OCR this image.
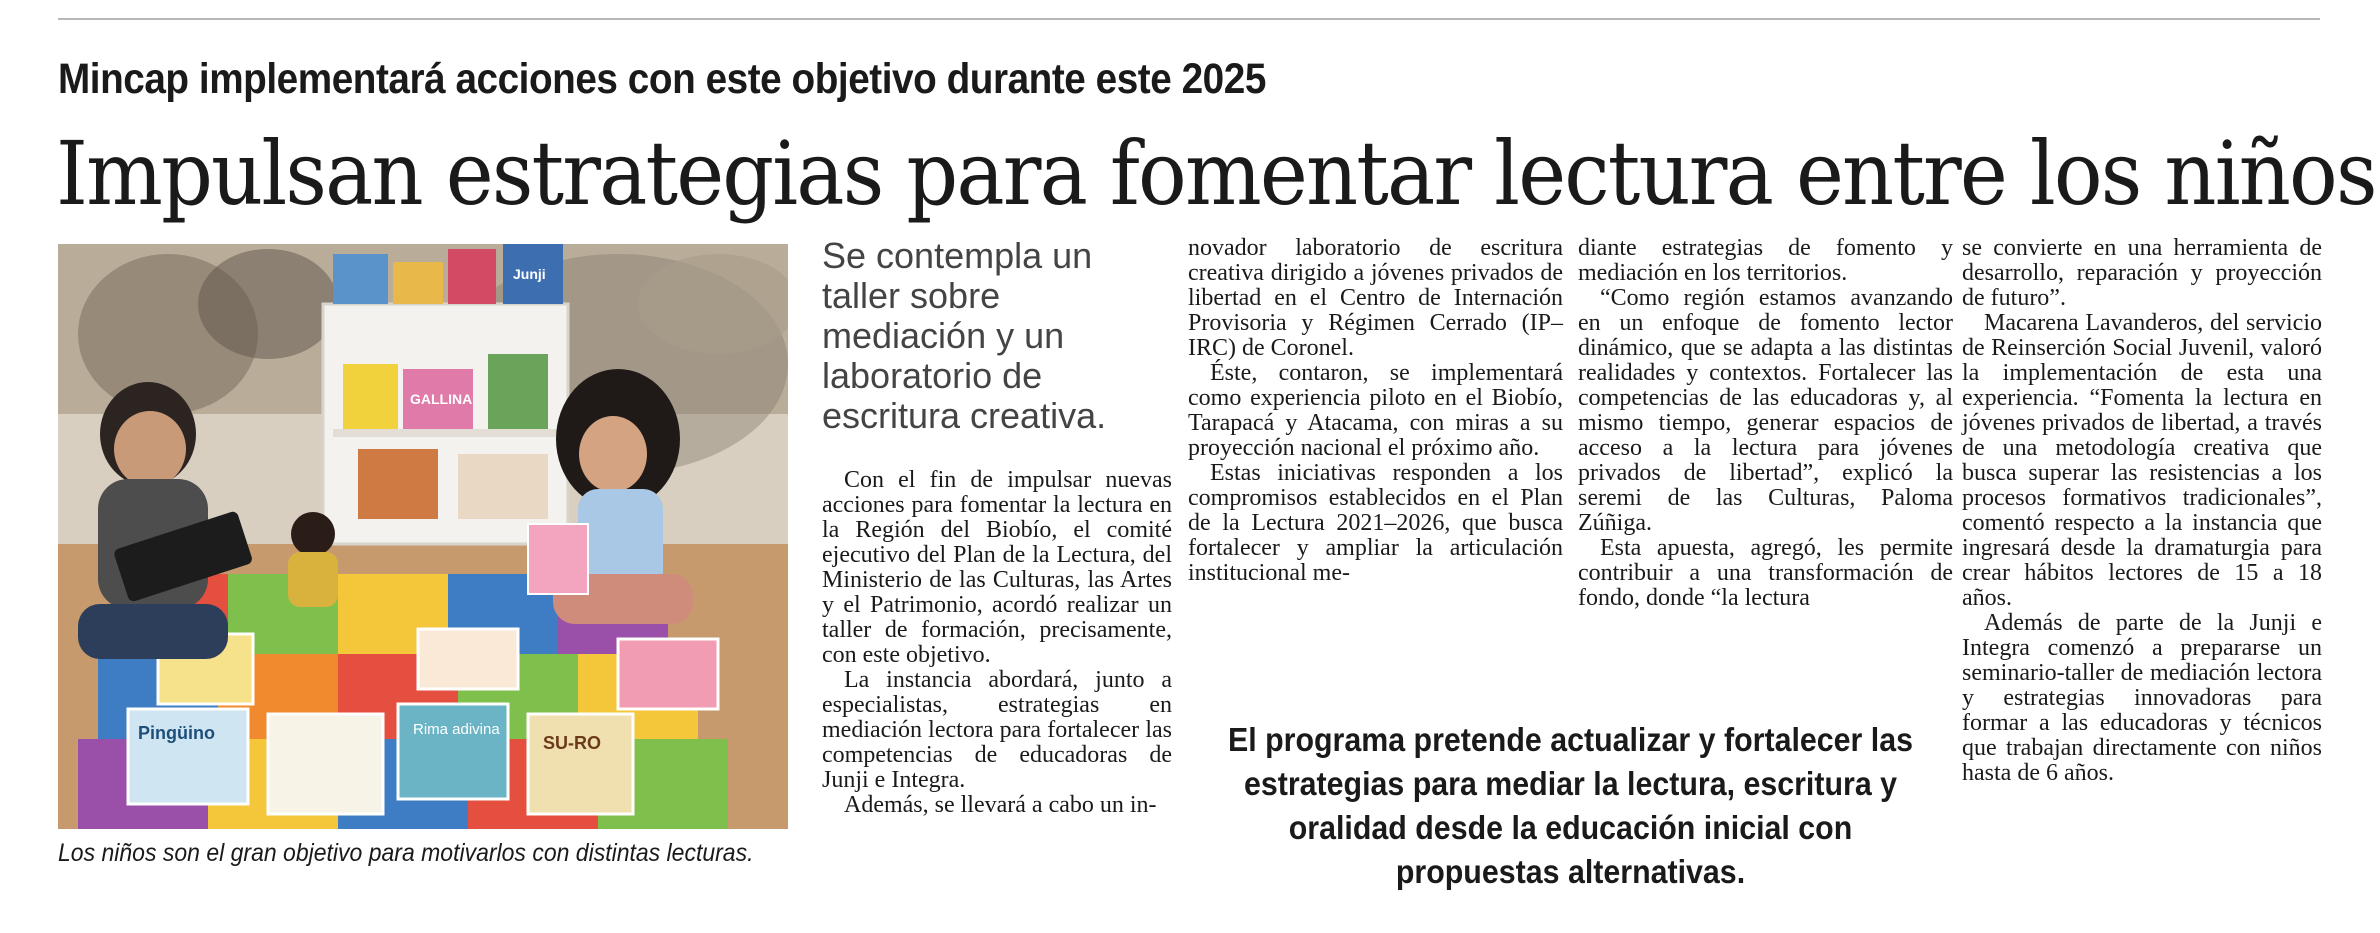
Mincap implementará acciones con este objetivo durante este 2025
Impulsan estrategias para fomentar lectura entre los niños
Pingüino	SU-RO
Rima adivina
GALLINA
Junji
Los niños son el gran objetivo para motivarlos con distintas lecturas.
Se contempla un taller sobre mediación y un laboratorio de escritura creativa.

Con el fin de impulsar nuevas acciones para fomentar la lectura en la Región del Biobío, el comité ejecutivo del Plan de la Lectura, del Ministerio de las Culturas, las Artes y el Patrimonio, acordó realizar un taller de formación, precisamente, con este objetivo.

La instancia abordará, junto a especialistas, estrategias en mediación lectora para fortalecer las competencias de educadoras de Junji e Integra.

Además, se llevará a cabo un in-

novador laboratorio de escritura creativa dirigido a jóvenes privados de libertad en el Centro de Internación Provisoria y Régimen Cerrado (IP–IRC) de Coronel.

Éste, contaron, se implementará como experiencia piloto en el Biobío, Tarapacá y Atacama, con miras a su proyección nacional el próximo año.

Estas iniciativas responden a los compromisos establecidos en el Plan de la Lectura 2021–2026, que busca fortalecer y ampliar la articulación institucional me-

diante estrategias de fomento y mediación en los territorios.

“Como región estamos avanzando en un enfoque de fomento lector dinámico, que se adapta a las distintas realidades y contextos. Fortalecer las competencias de las educadoras y, al mismo tiempo, generar espacios de acceso a la lectura para jóvenes privados de libertad”, explicó la seremi de las Culturas, Paloma Zúñiga.

Esta apuesta, agregó, les permite contribuir a una transformación de fondo, donde “la lectura

se convierte en una herramienta de desarrollo, reparación y proyección de futuro”.

Macarena Lavanderos, del servicio de Reinserción Social Juvenil, valoró la implementación de esta una experiencia. “Fomenta la lectura en jóvenes privados de libertad, a través de una metodología creativa que busca superar las resistencias a los procesos formativos tradicionales”, comentó respecto a la instancia que ingresará desde la dramaturgia para crear hábitos lectores de 15 a 18 años.

Además de parte de la Junji e Integra comenzó a prepararse un seminario-taller de mediación lectora y estrategias innovadoras para formar a las educadoras y técnicos que trabajan directamente con niños hasta de 6 años.

El programa pretende actualizar y fortalecer las estrategias para mediar la lectura, escritura y oralidad desde la educación inicial con propuestas alternativas.
